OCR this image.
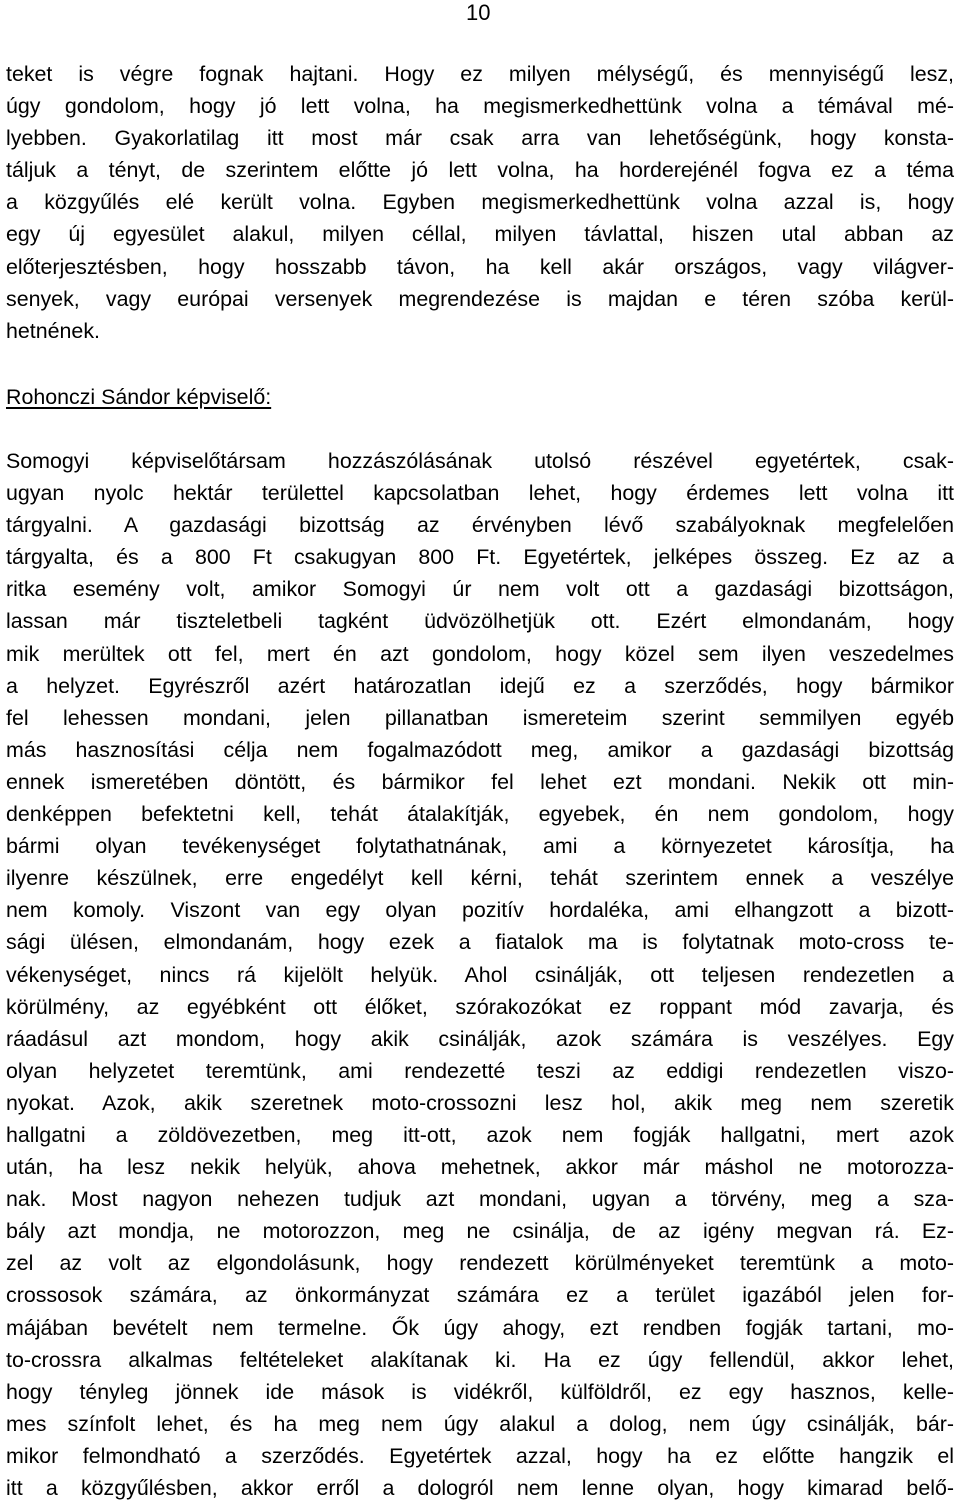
10
teket is végre fognak hajtani. Hogy ez milyen mélységű, és mennyiségű lesz,
úgy gondolom, hogy jó lett volna, ha megismerkedhettünk volna a témával mé-
lyebben. Gyakorlatilag itt most már csak arra van lehetőségünk, hogy konsta-
táljuk a tényt, de szerintem előtte jó lett volna, ha horderejénél fogva ez a téma
a közgyűlés elé került volna. Egyben megismerkedhettünk volna azzal is, hogy
egy új egyesület alakul, milyen céllal, milyen távlattal, hiszen utal abban az
előterjesztésben, hogy hosszabb távon, ha kell akár országos, vagy világver-
senyek, vagy európai versenyek megrendezése is majdan e téren szóba kerül-
hetnének.
Rohonczi Sándor képviselő:
Somogyi képviselőtársam hozzászólásának utolsó részével egyetértek, csak-
ugyan nyolc hektár területtel kapcsolatban lehet, hogy érdemes lett volna itt
tárgyalni. A gazdasági bizottság az érvényben lévő szabályoknak megfelelően
tárgyalta, és a 800 Ft csakugyan 800 Ft. Egyetértek, jelképes összeg. Ez az a
ritka esemény volt, amikor Somogyi úr nem volt ott a gazdasági bizottságon,
lassan már tiszteletbeli tagként üdvözölhetjük ott. Ezért elmondanám, hogy
mik merültek ott fel, mert én azt gondolom, hogy közel sem ilyen veszedelmes
a helyzet. Egyrészről azért határozatlan idejű ez a szerződés, hogy bármikor
fel lehessen mondani, jelen pillanatban ismereteim szerint semmilyen egyéb
más hasznosítási célja nem fogalmazódott meg, amikor a gazdasági bizottság
ennek ismeretében döntött, és bármikor fel lehet ezt mondani. Nekik ott min-
denképpen befektetni kell, tehát átalakítják, egyebek, én nem gondolom, hogy
bármi olyan tevékenységet folytathatnának, ami a környezetet károsítja, ha
ilyenre készülnek, erre engedélyt kell kérni, tehát szerintem ennek a veszélye
nem komoly. Viszont van egy olyan pozitív hordaléka, ami elhangzott a bizott-
sági ülésen, elmondanám, hogy ezek a fiatalok ma is folytatnak moto-cross te-
vékenységet, nincs rá kijelölt helyük. Ahol csinálják, ott teljesen rendezetlen a
körülmény, az egyébként ott élőket, szórakozókat ez roppant mód zavarja, és
ráadásul azt mondom, hogy akik csinálják, azok számára is veszélyes. Egy
olyan helyzetet teremtünk, ami rendezetté teszi az eddigi rendezetlen viszo-
nyokat. Azok, akik szeretnek moto-crossozni lesz hol, akik meg nem szeretik
hallgatni a zöldövezetben, meg itt-ott, azok nem fogják hallgatni, mert azok
után, ha lesz nekik helyük, ahova mehetnek, akkor már máshol ne motorozza-
nak. Most nagyon nehezen tudjuk azt mondani, ugyan a törvény, meg a sza-
bály azt mondja, ne motorozzon, meg ne csinálja, de az igény megvan rá. Ez-
zel az volt az elgondolásunk, hogy rendezett körülményeket teremtünk a moto-
crossosok számára, az önkormányzat számára ez a terület igazából jelen for-
májában bevételt nem termelne. Ők úgy ahogy, ezt rendben fogják tartani, mo-
to-crossra alkalmas feltételeket alakítanak ki. Ha ez úgy fellendül, akkor lehet,
hogy tényleg jönnek ide mások is vidékről, külföldről, ez egy hasznos, kelle-
mes színfolt lehet, és ha meg nem úgy alakul a dolog, nem úgy csinálják, bár-
mikor felmondható a szerződés. Egyetértek azzal, hogy ha ez előtte hangzik el
itt a közgyűlésben, akkor erről a dologról nem lenne olyan, hogy kimarad belő-
